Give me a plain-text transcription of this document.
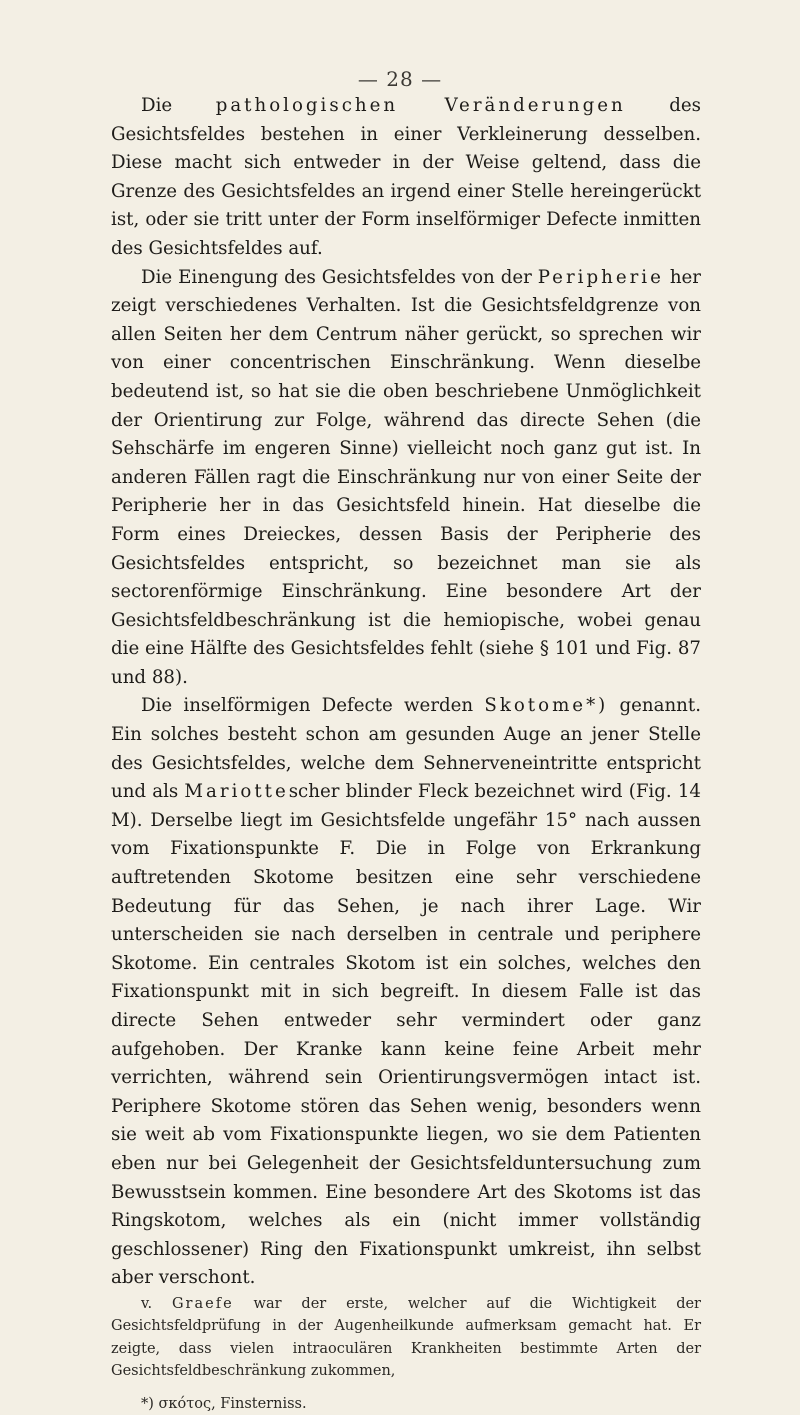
— 28 —

Die pathologischen Veränderungen des Gesichtsfeldes bestehen in einer Verkleinerung desselben. Diese macht sich entweder in der Weise geltend, dass die Grenze des Gesichtsfeldes an irgend einer Stelle hereingerückt ist, oder sie tritt unter der Form inselförmiger Defecte inmitten des Gesichtsfeldes auf.

Die Einengung des Gesichtsfeldes von der Peripherie her zeigt verschiedenes Verhalten. Ist die Gesichtsfeldgrenze von allen Seiten her dem Centrum näher gerückt, so sprechen wir von einer concentrischen Einschränkung. Wenn dieselbe bedeutend ist, so hat sie die oben beschriebene Unmöglichkeit der Orientirung zur Folge, während das directe Sehen (die Sehschärfe im engeren Sinne) vielleicht noch ganz gut ist. In anderen Fällen ragt die Einschränkung nur von einer Seite der Peripherie her in das Gesichtsfeld hinein. Hat dieselbe die Form eines Dreieckes, dessen Basis der Peripherie des Gesichtsfeldes entspricht, so bezeichnet man sie als sectorenförmige Einschränkung. Eine besondere Art der Gesichtsfeldbeschränkung ist die hemiopische, wobei genau die eine Hälfte des Gesichtsfeldes fehlt (siehe § 101 und Fig. 87 und 88).

Die inselförmigen Defecte werden Skotome*) genannt. Ein solches besteht schon am gesunden Auge an jener Stelle des Gesichtsfeldes, welche dem Sehnerveneintritte entspricht und als Mariottescher blinder Fleck bezeichnet wird (Fig. 14 M). Derselbe liegt im Gesichtsfelde ungefähr 15° nach aussen vom Fixationspunkte F. Die in Folge von Erkrankung auftretenden Skotome besitzen eine sehr verschiedene Bedeutung für das Sehen, je nach ihrer Lage. Wir unterscheiden sie nach derselben in centrale und periphere Skotome. Ein centrales Skotom ist ein solches, welches den Fixationspunkt mit in sich begreift. In diesem Falle ist das directe Sehen entweder sehr vermindert oder ganz aufgehoben. Der Kranke kann keine feine Arbeit mehr verrichten, während sein Orientirungsvermögen intact ist. Periphere Skotome stören das Sehen wenig, besonders wenn sie weit ab vom Fixationspunkte liegen, wo sie dem Patienten eben nur bei Gelegenheit der Gesichtsfelduntersuchung zum Bewusstsein kommen. Eine besondere Art des Skotoms ist das Ringskotom, welches als ein (nicht immer vollständig geschlossener) Ring den Fixationspunkt umkreist, ihn selbst aber verschont.

v. Graefe war der erste, welcher auf die Wichtigkeit der Gesichtsfeldprüfung in der Augenheilkunde aufmerksam gemacht hat. Er zeigte, dass vielen intraoculären Krankheiten bestimmte Arten der Gesichtsfeldbeschränkung zukommen,

*) σκότος, Finsterniss.
